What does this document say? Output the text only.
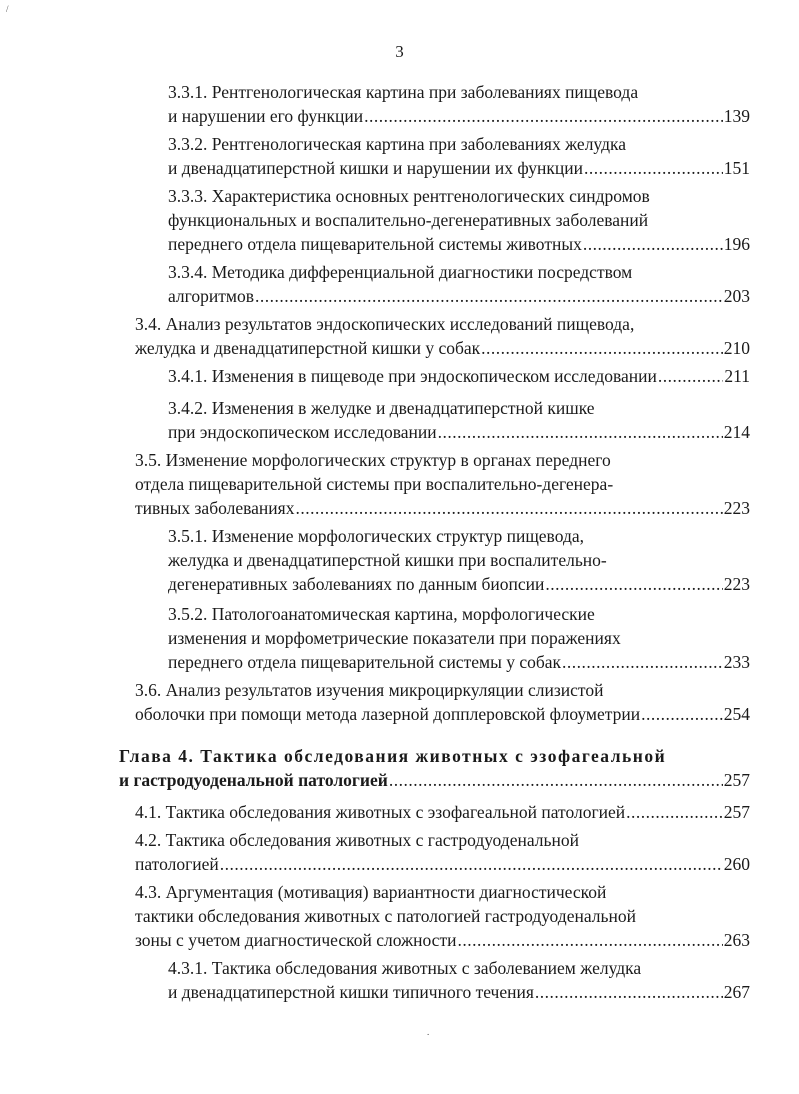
/
3
3.3.1. Рентгенологическая картина при заболеваниях пищевода
и нарушении его функции .....	139
3.3.2. Рентгенологическая картина при заболеваниях желудка
и двенадцатиперстной кишки и нарушении их функции .....	151
3.3.3. Характеристика основных рентгенологических синдромов
функциональных и воспалительно-дегенеративных заболеваний
переднего отдела пищеварительной системы животных .....	196
3.3.4. Методика дифференциальной диагностики посредством
алгоритмов .....	203
3.4. Анализ результатов эндоскопических исследований пищевода,
желудка и двенадцатиперстной кишки у собак .....	210
3.4.1. Изменения в пищеводе при эндоскопическом исследовании .....	211
3.4.2. Изменения в желудке и двенадцатиперстной кишке
при эндоскопическом исследовании .....	214
3.5. Изменение морфологических структур в органах переднего
отдела пищеварительной системы при воспалительно-дегенера-
тивных заболеваниях .....	223
3.5.1. Изменение морфологических структур пищевода,
желудка и двенадцатиперстной кишки при воспалительно-
дегенеративных заболеваниях по данным биопсии .....	223
3.5.2. Патологоанатомическая картина, морфологические
изменения и морфометрические показатели при поражениях
переднего отдела пищеварительной системы у собак .....	233
3.6. Анализ результатов изучения микроциркуляции слизистой
оболочки при помощи метода лазерной допплеровской флоуметрии .....	254
Глава 4. Тактика обследования животных с эзофагеальной
и гастродуоденальной патологией .....	257
4.1. Тактика обследования животных с эзофагеальной патологией .....	257
4.2. Тактика обследования животных с гастродуоденальной
патологией .....	260
4.3. Аргументация (мотивация) вариантности диагностической
тактики обследования животных с патологией гастродуоденальной
зоны с учетом диагностической сложности .....	263
4.3.1. Тактика обследования животных с заболеванием желудка
и двенадцатиперстной кишки типичного течения .....	267
.
